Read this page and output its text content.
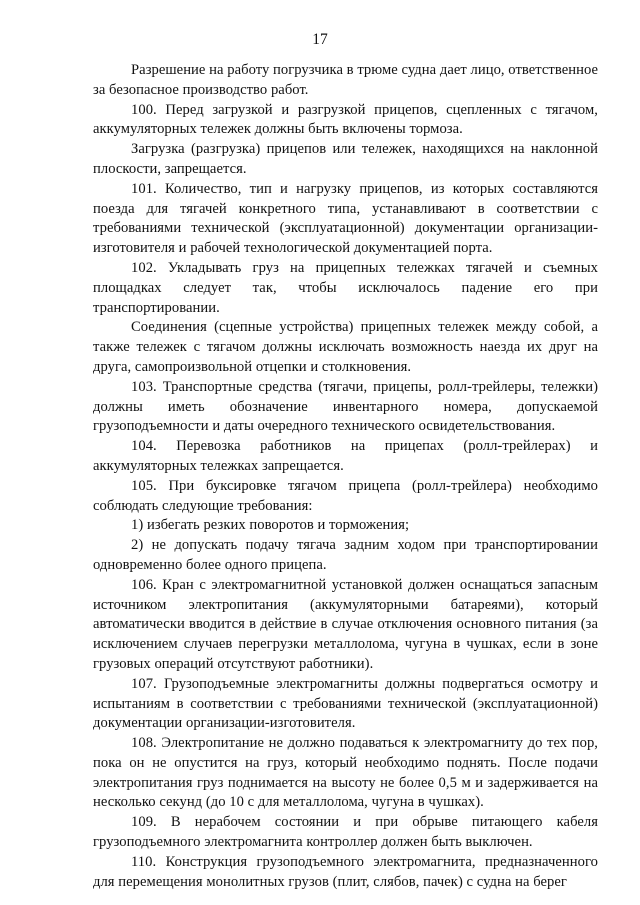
17

Разрешение на работу погрузчика в трюме судна дает лицо, ответственное за безопасное производство работ.

100. Перед загрузкой и разгрузкой прицепов, сцепленных с тягачом, аккумуляторных тележек должны быть включены тормоза.

Загрузка (разгрузка) прицепов или тележек, находящихся на наклонной плоскости, запрещается.

101. Количество, тип и нагрузку прицепов, из которых составляются поезда для тягачей конкретного типа, устанавливают в соответствии с требованиями технической (эксплуатационной) документации организации-изготовителя и рабочей технологической документацией порта.

102. Укладывать груз на прицепных тележках тягачей и съемных площадках следует так, чтобы исключалось падение его при транспортировании.

Соединения (сцепные устройства) прицепных тележек между собой, а также тележек с тягачом должны исключать возможность наезда их друг на друга, самопроизвольной отцепки и столкновения.

103. Транспортные средства (тягачи, прицепы, ролл-трейлеры, тележки) должны иметь обозначение инвентарного номера, допускаемой грузоподъемности и даты очередного технического освидетельствования.

104. Перевозка работников на прицепах (ролл-трейлерах) и аккумуляторных тележках запрещается.

105. При буксировке тягачом прицепа (ролл-трейлера) необходимо соблюдать следующие требования:

1) избегать резких поворотов и торможения;

2) не допускать подачу тягача задним ходом при транспортировании одновременно более одного прицепа.

106. Кран с электромагнитной установкой должен оснащаться запасным источником электропитания (аккумуляторными батареями), который автоматически вводится в действие в случае отключения основного питания (за исключением случаев перегрузки металлолома, чугуна в чушках, если в зоне грузовых операций отсутствуют работники).

107. Грузоподъемные электромагниты должны подвергаться осмотру и испытаниям в соответствии с требованиями технической (эксплуатационной) документации организации-изготовителя.

108. Электропитание не должно подаваться к электромагниту до тех пор, пока он не опустится на груз, который необходимо поднять. После подачи электропитания груз поднимается на высоту не более 0,5 м и задерживается на несколько секунд (до 10 с для металлолома, чугуна в чушках).

109. В нерабочем состоянии и при обрыве питающего кабеля грузоподъемного электромагнита контроллер должен быть выключен.

110. Конструкция грузоподъемного электромагнита, предназначенного для перемещения монолитных грузов (плит, слябов, пачек) с судна на берег
